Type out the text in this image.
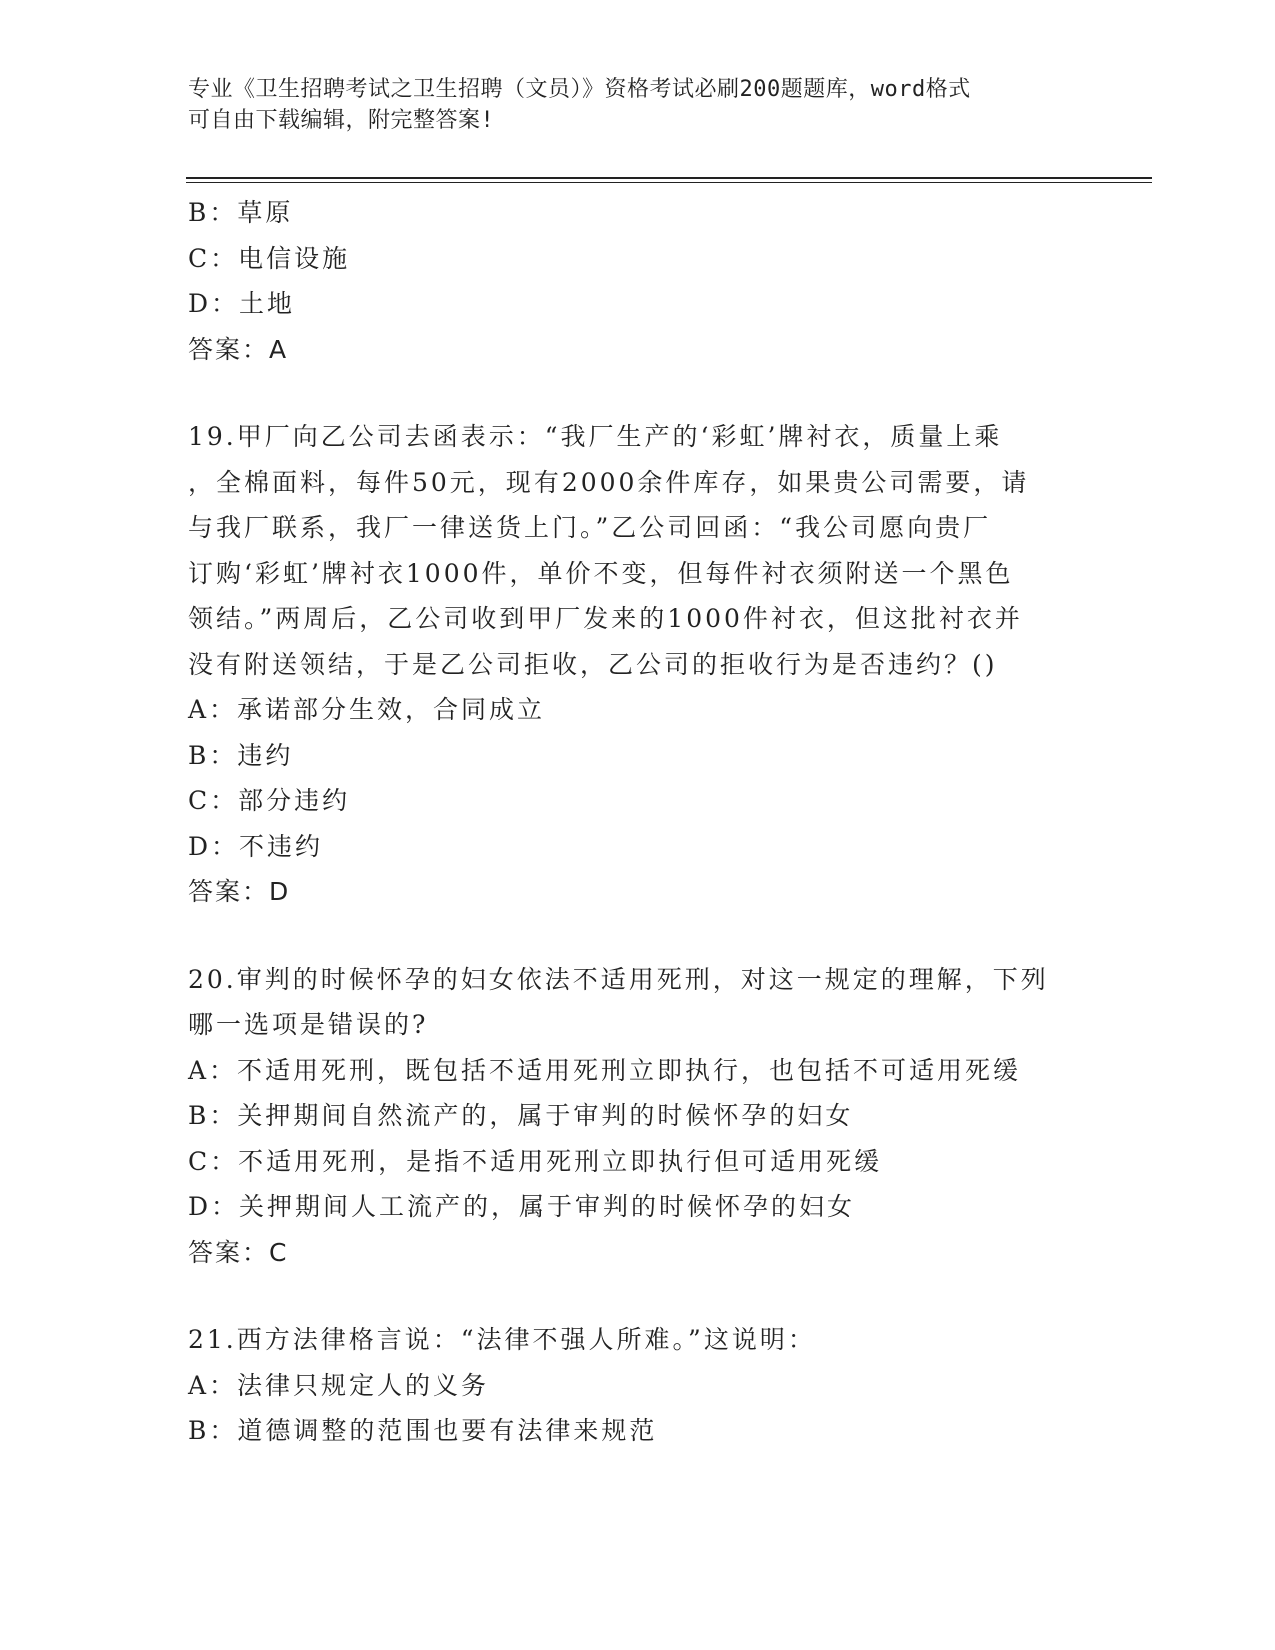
专业《卫生招聘考试之卫生招聘（文员）》资格考试必刷200题题库，word格式
可自由下载编辑，附完整答案!
B：草原
C：电信设施
D：土地
答案：A
19.甲厂向乙公司去函表示：“我厂生产的‘彩虹’牌衬衣，质量上乘
，全棉面料，每件50元，现有2000余件库存，如果贵公司需要，请
与我厂联系，我厂一律送货上门。”乙公司回函：“我公司愿向贵厂
订购‘彩虹’牌衬衣1000件，单价不变，但每件衬衣须附送一个黑色
领结。”两周后，乙公司收到甲厂发来的1000件衬衣，但这批衬衣并
没有附送领结，于是乙公司拒收，乙公司的拒收行为是否违约？()
A：承诺部分生效，合同成立
B：违约
C：部分违约
D：不违约
答案：D
20.审判的时候怀孕的妇女依法不适用死刑，对这一规定的理解，下列
哪一选项是错误的?
A：不适用死刑，既包括不适用死刑立即执行，也包括不可适用死缓
B：关押期间自然流产的，属于审判的时候怀孕的妇女
C：不适用死刑，是指不适用死刑立即执行但可适用死缓
D：关押期间人工流产的，属于审判的时候怀孕的妇女
答案：C
21.西方法律格言说：“法律不强人所难。”这说明：
A：法律只规定人的义务
B：道德调整的范围也要有法律来规范
